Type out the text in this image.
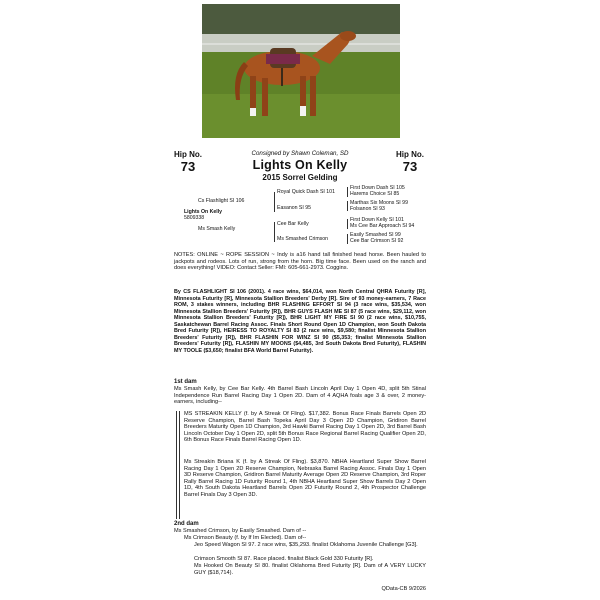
Hip No.
73
Hip No.
73
Consigned by Shawn Coleman, SD
Lights On Kelly
2015 Sorrel Gelding
Cs Flashlight SI 106
Lights On Kelly
5809338
Ms Smash Kelly
Royal Quick Dash SI 101
Easanon SI 95
Cee Bar Kelly
Ms Smashed Crimson
First Down Dash SI 105
Harems Choice SI 85
Marthas Six Moons SI 99
Folsanon SI 93
First Down Kelly SI 101
Ms Cee Bar Approach SI 94
Easily Smashed SI 99
Cee Bar Crimson SI 92
NOTES: ONLINE ~ ROPE SESSION ~ Indy is a16 hand tall finished head horse. Been hauled to jackpots and rodeos. Lots of run, strong from the horn. Big time face. Been used on the ranch and does everything! VIDEO: Contact Seller: FMI: 605-661-2973. Coggins.
By CS FLASHLIGHT SI 106 (2001). 4 race wins, $64,014, won North Central QHRA Futurity [R], Minnesota Futurity [R], Minnesota Stallion Breeders' Derby [R]. Sire of 93 money-earners, 7 Race ROM, 3 stakes winners, including BHR FLASHING EFFORT SI 94 (3 race wins, $35,534, won Minnesota Stallion Breeders' Futurity [R]), BHR GUYS FLASH ME SI 87 (5 race wins, $29,112, won Minnesota Stallion Breeders' Futurity [R]), BHR LIGHT MY FIRE SI 90 (2 race wins, $10,755, Saskatchewan Barrel Racing Assoc. Finals Short Round Open 1D Champion, won South Dakota Bred Futurity [R]), HEIRESS TO ROYALTY SI 83 (2 race wins, $9,580; finalist Minnesota Stallion Breeders' Futurity [R]), BHR FLASHIN FOR WINZ SI 90 ($5,353; finalist Minnesota Stallion Breeders' Futurity [R]), FLASHIN MY MOONS ($4,485, 3rd South Dakota Bred Futurity), FLASHIN MY TOOLE ($3,650; finalist BFA World Barrel Futurity).
1st dam
Ms Smash Kelly, by Cee Bar Kelly. 4th Barrel Bash Lincoln April Day 1 Open 4D, split 5th Stinal Independence Run Barrel Racing Day 1 Open 2D. Dam of 4 AQHA foals age 3 & over, 2 money-earners, including--
MS STREAKIN KELLY (f. by A Streak Of Fling). $17,382. Bonus Race Finals Barrels Open 2D Reserve Champion, Barrel Bash Topeka April Day 3 Open 2D Champion, Gridiron Barrel Breeders Maturity Open 1D Champion, 3rd Hawki Barrel Racing Day 1 Open 2D, 3rd Barrel Bash Lincoln October Day 1 Open 2D, split 5th Bonus Race Regional Barrel Racing Qualifier Open 2D, 6th Bonus Race Finals Barrel Racing Open 1D.
Ms Streakin Briana K (f. by A Streak Of Fling). $3,870. NBHA Heartland Super Show Barrel Racing Day 1 Open 2D Reserve Champion, Nebraska Barrel Racing Assoc. Finals Day 1 Open 3D Reserve Champion, Gridiron Barrel Maturity Average Open 2D Reserve Champion, 3rd Roper Rally Barrel Racing 1D Futurity Round 1, 4th NBHA Heartland Super Show Barrels Day 2 Open 1D, 4th South Dakota Heartland Barrels Open 2D Futurity Round 2, 4th Prospector Challenge Barrel Finals Day 3 Open 3D.
2nd dam
Ms Smashed Crimson, by Easily Smashed. Dam of --
Ms Crimson Beauty (f. by If Im Elected). Dam of--
Jeo Speed Wagon SI 97. 2 race wins, $35,293. finalist Oklahoma Juvenile Challenge [G3].
Crimson Smooth SI 87. Race placed. finalist Black Gold 330 Futurity [R].
Ms Hooked On Beauty SI 80. finalist Oklahoma Bred Futurity [R]. Dam of A VERY LUCKY GUY ($18,714).
QData-CB 9/2026
